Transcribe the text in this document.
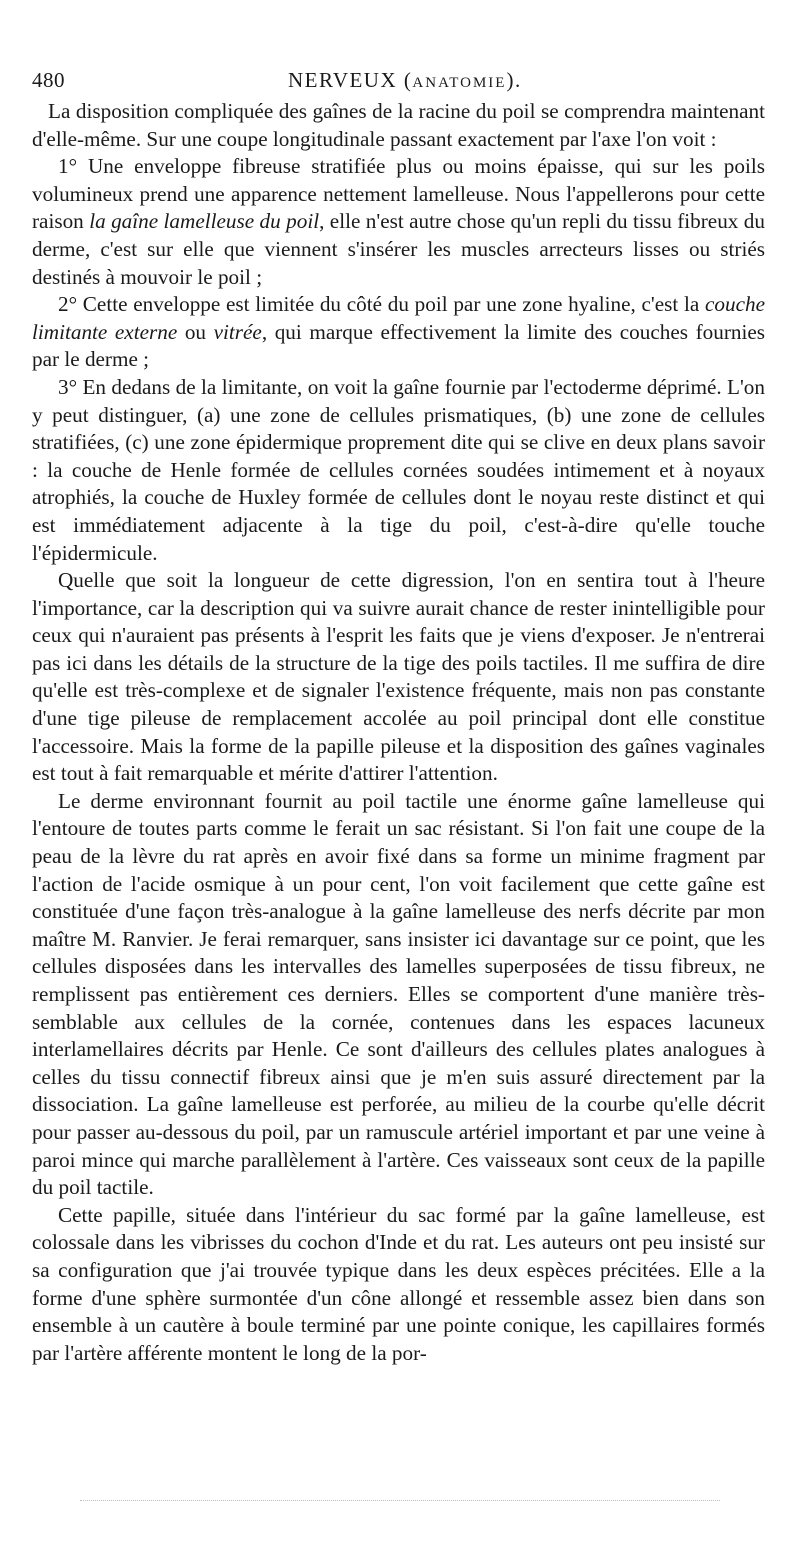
480	NERVEUX (ANATOMIE).

La disposition compliquée des gaînes de la racine du poil se comprendra maintenant d'elle-même. Sur une coupe longitudinale passant exactement par l'axe l'on voit :

1° Une enveloppe fibreuse stratifiée plus ou moins épaisse, qui sur les poils volumineux prend une apparence nettement lamelleuse. Nous l'appellerons pour cette raison la gaîne lamelleuse du poil, elle n'est autre chose qu'un repli du tissu fibreux du derme, c'est sur elle que viennent s'insérer les muscles arrecteurs lisses ou striés destinés à mouvoir le poil ;

2° Cette enveloppe est limitée du côté du poil par une zone hyaline, c'est la couche limitante externe ou vitrée, qui marque effectivement la limite des couches fournies par le derme ;

3° En dedans de la limitante, on voit la gaîne fournie par l'ectoderme déprimé. L'on y peut distinguer, (a) une zone de cellules prismatiques, (b) une zone de cellules stratifiées, (c) une zone épidermique proprement dite qui se clive en deux plans savoir : la couche de Henle formée de cellules cornées soudées intimement et à noyaux atrophiés, la couche de Huxley formée de cellules dont le noyau reste distinct et qui est immédiatement adjacente à la tige du poil, c'est-à-dire qu'elle touche l'épidermicule.

Quelle que soit la longueur de cette digression, l'on en sentira tout à l'heure l'importance, car la description qui va suivre aurait chance de rester inintelligible pour ceux qui n'auraient pas présents à l'esprit les faits que je viens d'exposer. Je n'entrerai pas ici dans les détails de la structure de la tige des poils tactiles. Il me suffira de dire qu'elle est très-complexe et de signaler l'existence fréquente, mais non pas constante d'une tige pileuse de remplacement accolée au poil principal dont elle constitue l'accessoire. Mais la forme de la papille pileuse et la disposition des gaînes vaginales est tout à fait remarquable et mérite d'attirer l'attention.

Le derme environnant fournit au poil tactile une énorme gaîne lamelleuse qui l'entoure de toutes parts comme le ferait un sac résistant. Si l'on fait une coupe de la peau de la lèvre du rat après en avoir fixé dans sa forme un minime fragment par l'action de l'acide osmique à un pour cent, l'on voit facilement que cette gaîne est constituée d'une façon très-analogue à la gaîne lamelleuse des nerfs décrite par mon maître M. Ranvier. Je ferai remarquer, sans insister ici davantage sur ce point, que les cellules disposées dans les intervalles des lamelles superposées de tissu fibreux, ne remplissent pas entièrement ces derniers. Elles se comportent d'une manière très-semblable aux cellules de la cornée, contenues dans les espaces lacuneux interlamellaires décrits par Henle. Ce sont d'ailleurs des cellules plates analogues à celles du tissu connectif fibreux ainsi que je m'en suis assuré directement par la dissociation. La gaîne lamelleuse est perforée, au milieu de la courbe qu'elle décrit pour passer au-dessous du poil, par un ramuscule artériel important et par une veine à paroi mince qui marche parallèlement à l'artère. Ces vaisseaux sont ceux de la papille du poil tactile.

Cette papille, située dans l'intérieur du sac formé par la gaîne lamelleuse, est colossale dans les vibrisses du cochon d'Inde et du rat. Les auteurs ont peu insisté sur sa configuration que j'ai trouvée typique dans les deux espèces précitées. Elle a la forme d'une sphère surmontée d'un cône allongé et ressemble assez bien dans son ensemble à un cautère à boule terminé par une pointe conique, les capillaires formés par l'artère afférente montent le long de la por-
